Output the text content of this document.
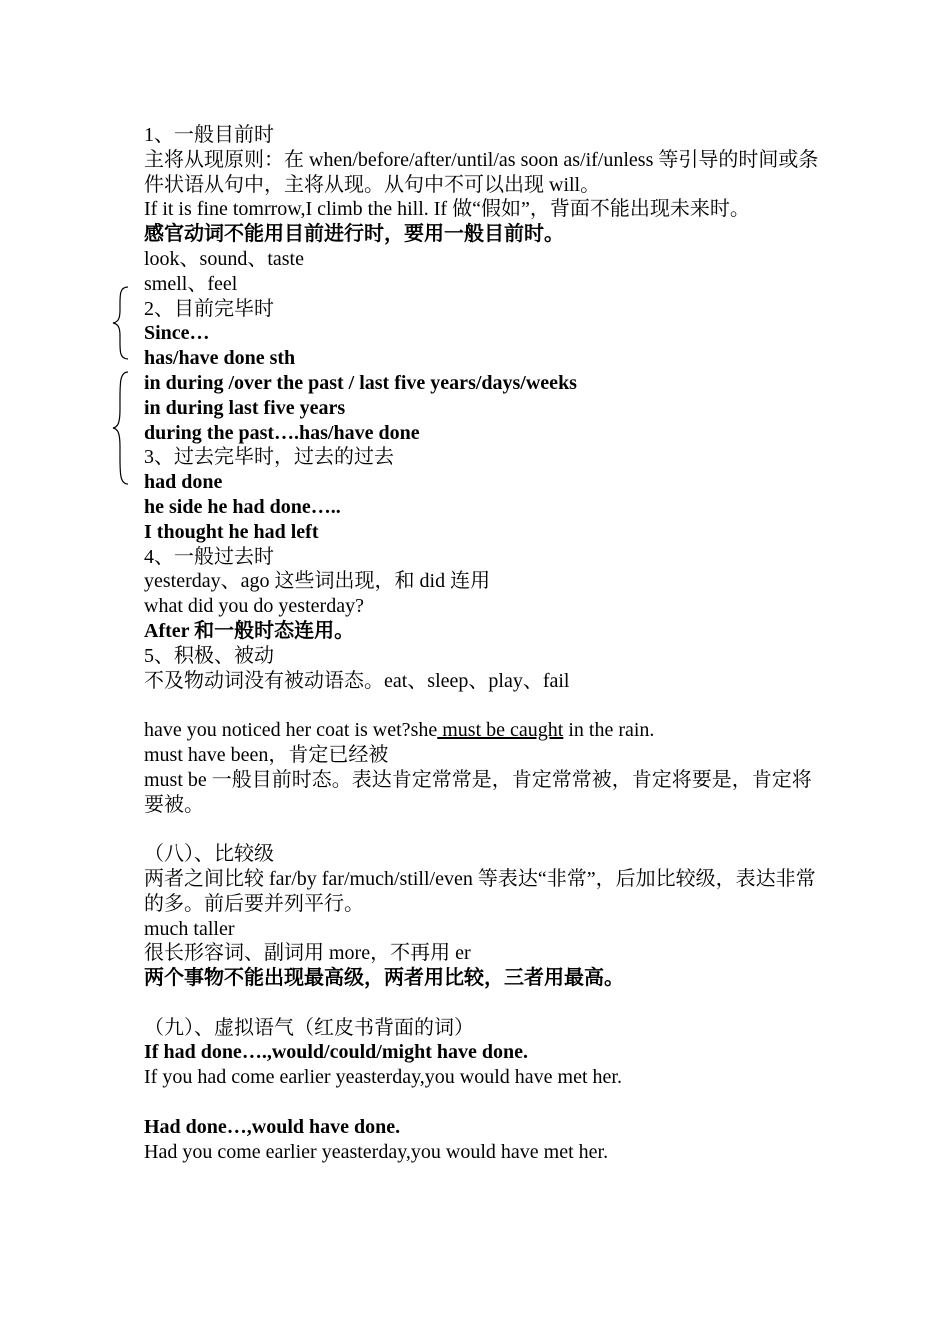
1、一般目前时
主将从现原则：在 when/before/after/until/as soon as/if/unless 等引导的时间或条件状语从句中，主将从现。从句中不可以出现 will。
If it is fine tomrrow,I climb the hill. If 做“假如”，背面不能出现未来时。
感官动词不能用目前进行时，要用一般目前时。
look、sound、taste
smell、feel
2、目前完毕时
Since…
has/have done sth
in during /over the past / last five years/days/weeks
in during last five years
during the past….has/have done
3、过去完毕时，过去的过去
had done
he side he had done…..
I thought he had left
4、一般过去时
yesterday、ago 这些词出现，和 did 连用
what did you do yesterday?
After 和一般时态连用。
5、积极、被动
不及物动词没有被动语态。eat、sleep、play、fail
have you noticed her coat is wet?she must be caught in the rain.
must have been，肯定已经被
must be 一般目前时态。表达肯定常常是，肯定常常被，肯定将要是，肯定将要被。
（八）、比较级
两者之间比较 far/by far/much/still/even 等表达“非常”，后加比较级，表达非常的多。前后要并列平行。
much taller
很长形容词、副词用 more，不再用 er
两个事物不能出现最高级，两者用比较，三者用最高。
（九）、虚拟语气（红皮书背面的词）
If had done….,would/could/might have done.
If you had come earlier yeasterday,you would have met her.
Had done…,would have done.
Had you come earlier yeasterday,you would have met her.
